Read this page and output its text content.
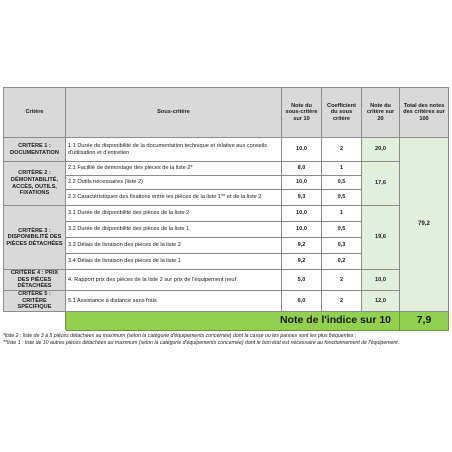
Critère	Sous-critère	Note du sous-critère sur 10	Coefficient du sous critère	Note du critère sur 20	Total des notes des critères sur 100
CRITÈRE 1 : DOCUMENTATION	1.1 Durée de disponibilité de la documentation technique et relative aux conseils d'utilisation et d'entretien	10,0	2	20,0	79,2
CRITÈRE 2 : DÉMONTABILITÉ, ACCÈS, OUTILS, FIXATIONS	2.1 Facilité de démontage des pièces de la liste 2*	8,0	1	17,6	
	2.2 Outils nécessaires (liste 2)	10,0	0,5		
	2.3 Caractéristiques des fixations entre les pièces de la liste 1** et de la liste 2	9,3	0,5		
CRITÈRE 3 : DISPONIBILITÉ DES PIÈCES DÉTACHÉES	3.1 Durée de disponibilité des pièces de la liste 2	10,0	1	19,6	
	3.2 Durée de disponibilité des pièces de la liste 1	10,0	0,5		
	3.3 Délais de livraison des pièces de la liste 2	9,2	0,3		
	3.4 Délais de livraison des pièces de la liste 1	9,2	0,2		
CRITÈRE 4 : PRIX DES PIÈCES DÉTACHÉES	4. Rapport prix des pièces de la liste 2 sur prix de l'équipement neuf	5,0	2	10,0	
CRITÈRE 5 : CRITÈRE SPÉCIFIQUE	5.1 Assistance à distance sans frais	6,0	2	12,0	
	Note de l'indice sur 10				7,9

*liste 2 : liste de 3 à 5 pièces détachées au maximum (selon la catégorie d'équipements concernée) dont la casse ou les pannes sont les plus fréquentes ;

**liste 1 : liste de 10 autres pièces détachées au maximum (selon la catégorie d'équipements concernée) dont le bon état est nécessaire au fonctionnement de l'équipement.
